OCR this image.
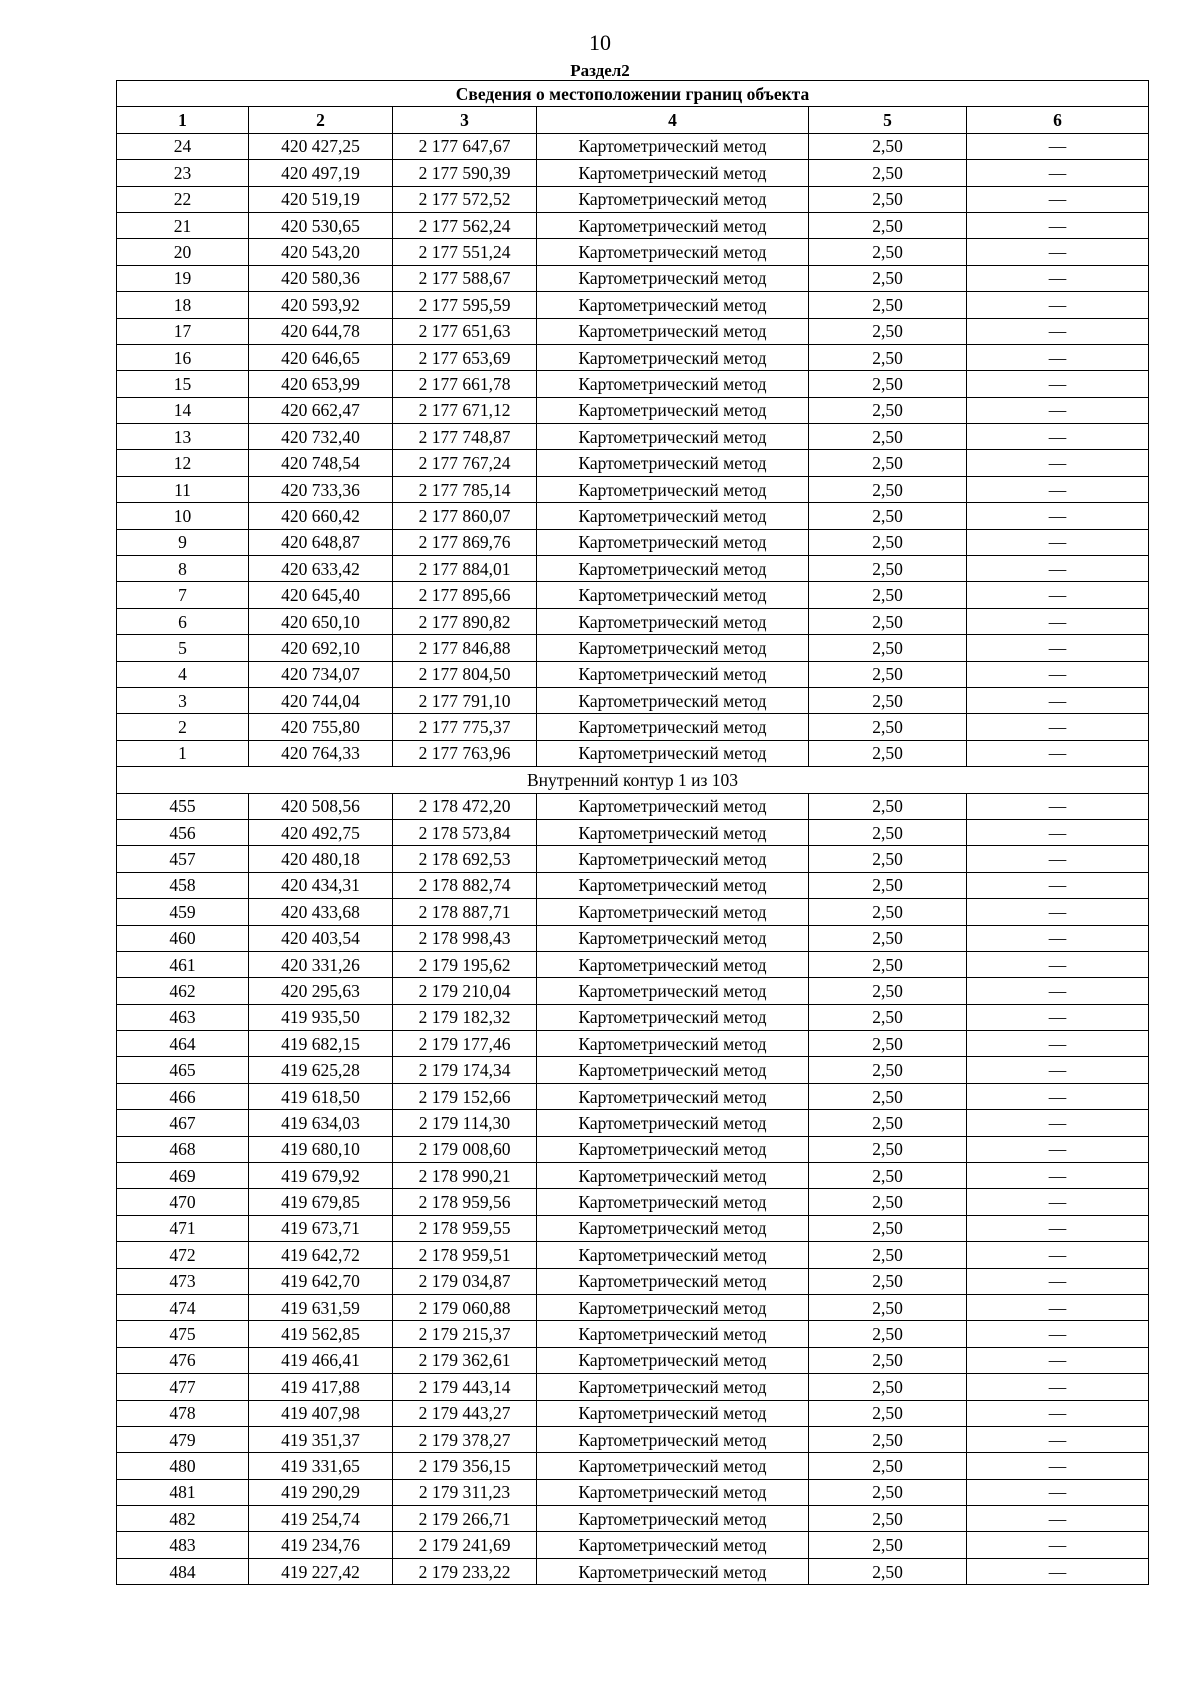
10
Раздел2
Сведения о местоположении границ объекта					
1	2	3	4	5	6
24	420 427,25	2 177 647,67	Картометрический метод	2,50	—
23	420 497,19	2 177 590,39	Картометрический метод	2,50	—
22	420 519,19	2 177 572,52	Картометрический метод	2,50	—
21	420 530,65	2 177 562,24	Картометрический метод	2,50	—
20	420 543,20	2 177 551,24	Картометрический метод	2,50	—
19	420 580,36	2 177 588,67	Картометрический метод	2,50	—
18	420 593,92	2 177 595,59	Картометрический метод	2,50	—
17	420 644,78	2 177 651,63	Картометрический метод	2,50	—
16	420 646,65	2 177 653,69	Картометрический метод	2,50	—
15	420 653,99	2 177 661,78	Картометрический метод	2,50	—
14	420 662,47	2 177 671,12	Картометрический метод	2,50	—
13	420 732,40	2 177 748,87	Картометрический метод	2,50	—
12	420 748,54	2 177 767,24	Картометрический метод	2,50	—
11	420 733,36	2 177 785,14	Картометрический метод	2,50	—
10	420 660,42	2 177 860,07	Картометрический метод	2,50	—
9	420 648,87	2 177 869,76	Картометрический метод	2,50	—
8	420 633,42	2 177 884,01	Картометрический метод	2,50	—
7	420 645,40	2 177 895,66	Картометрический метод	2,50	—
6	420 650,10	2 177 890,82	Картометрический метод	2,50	—
5	420 692,10	2 177 846,88	Картометрический метод	2,50	—
4	420 734,07	2 177 804,50	Картометрический метод	2,50	—
3	420 744,04	2 177 791,10	Картометрический метод	2,50	—
2	420 755,80	2 177 775,37	Картометрический метод	2,50	—
1	420 764,33	2 177 763,96	Картометрический метод	2,50	—
Внутренний контур 1 из 103					
455	420 508,56	2 178 472,20	Картометрический метод	2,50	—
456	420 492,75	2 178 573,84	Картометрический метод	2,50	—
457	420 480,18	2 178 692,53	Картометрический метод	2,50	—
458	420 434,31	2 178 882,74	Картометрический метод	2,50	—
459	420 433,68	2 178 887,71	Картометрический метод	2,50	—
460	420 403,54	2 178 998,43	Картометрический метод	2,50	—
461	420 331,26	2 179 195,62	Картометрический метод	2,50	—
462	420 295,63	2 179 210,04	Картометрический метод	2,50	—
463	419 935,50	2 179 182,32	Картометрический метод	2,50	—
464	419 682,15	2 179 177,46	Картометрический метод	2,50	—
465	419 625,28	2 179 174,34	Картометрический метод	2,50	—
466	419 618,50	2 179 152,66	Картометрический метод	2,50	—
467	419 634,03	2 179 114,30	Картометрический метод	2,50	—
468	419 680,10	2 179 008,60	Картометрический метод	2,50	—
469	419 679,92	2 178 990,21	Картометрический метод	2,50	—
470	419 679,85	2 178 959,56	Картометрический метод	2,50	—
471	419 673,71	2 178 959,55	Картометрический метод	2,50	—
472	419 642,72	2 178 959,51	Картометрический метод	2,50	—
473	419 642,70	2 179 034,87	Картометрический метод	2,50	—
474	419 631,59	2 179 060,88	Картометрический метод	2,50	—
475	419 562,85	2 179 215,37	Картометрический метод	2,50	—
476	419 466,41	2 179 362,61	Картометрический метод	2,50	—
477	419 417,88	2 179 443,14	Картометрический метод	2,50	—
478	419 407,98	2 179 443,27	Картометрический метод	2,50	—
479	419 351,37	2 179 378,27	Картометрический метод	2,50	—
480	419 331,65	2 179 356,15	Картометрический метод	2,50	—
481	419 290,29	2 179 311,23	Картометрический метод	2,50	—
482	419 254,74	2 179 266,71	Картометрический метод	2,50	—
483	419 234,76	2 179 241,69	Картометрический метод	2,50	—
484	419 227,42	2 179 233,22	Картометрический метод	2,50	—
